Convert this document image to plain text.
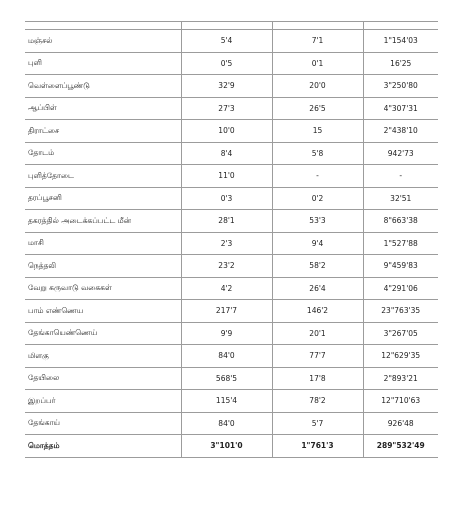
மஞ்சல்	5'4	7'1	1"154'03
புளி	0'5	0'1	16'25
வெள்ளைப்பூண்டு	32'9	20'0	3"250'80
ஆப்பிள்	27'3	26'5	4"307'31
திராட்சை	10'0	15	2"438'10
தோடம்	8'4	5'8	942'73
புளித்தோடை	11'0	-	-
தரப்பூசனி	0'3	0'2	32'51
தகரத்தில் அடைக்கப்பட்ட மீன்	28'1	53'3	8"663'38
மாசி	2'3	9'4	1"527'88
நெத்தலி	23'2	58'2	9"459'83
வேறு கருவாடு வகைகள்	4'2	26'4	4"291'06
பாம் எண்ணெய	217'7	146'2	23"763'35
தேங்காயெண்ணெய்	9'9	20'1	3"267'05
மிளகு	84'0	77'7	12"629'35
தேயிலை	568'5	17'8	2"893'21
இறப்பர்	115'4	78'2	12"710'63
தேங்காய்	84'0	5'7	926'48
மொத்தம்	3"101'0	1"761'3	289"532'49
